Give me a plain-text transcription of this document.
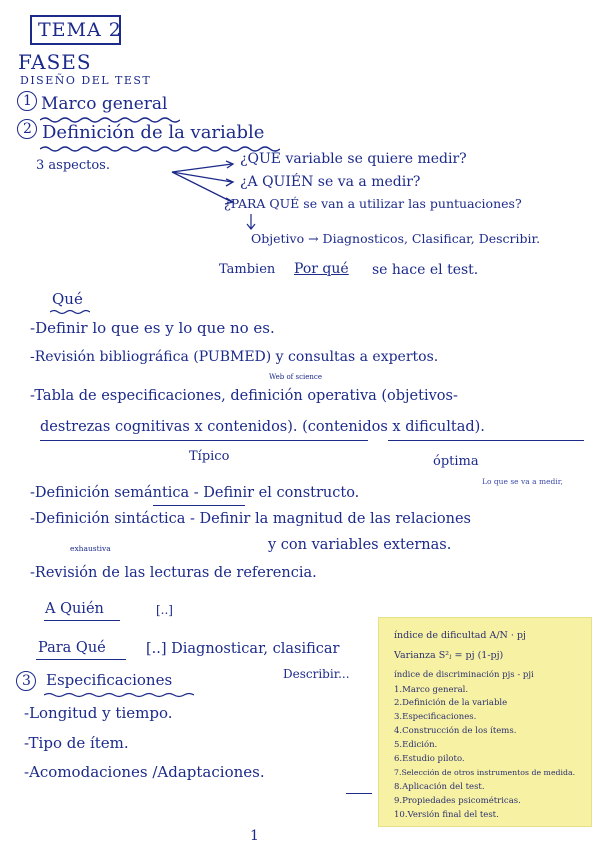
TEMA 2
FASES
DISEÑO DEL TEST
1 Marco general
2 Definición de la variable
3 aspectos.	¿QUÉ variable se quiere medir?
¿A QUIÉN se va a medir?
¿PARA QUÉ se van a utilizar las puntuaciones?
Objetivo → Diagnosticos, Clasificar, Describir.
Tambien Por qué se hace el test.
Qué
-Definir lo que es y lo que no es.
-Revisión bibliográfica (PUBMED) y consultas a expertos.
Web of science
-Tabla de especificaciones, definición operativa (objetivos-
destrezas cognitivas x contenidos). (contenidos x dificultad).
Típico	óptima
Lo que se va a medir,
-Definición semántica - Definir el constructo.
-Definición sintáctica - Definir la magnitud de las relaciones
y con variables externas.
exhaustiva
-Revisión de las lecturas de referencia.
A Quién	[..]
Para Qué	[..] Diagnosticar, clasificar
Describir...
3 Especificaciones
-Longitud y tiempo.
-Tipo de ítem.
-Acomodaciones /Adaptaciones.
1
índice de dificultad A/N · pj
Varianza S²ⱼ = pj (1-pj)
índice de discriminación pjs - pji
1.Marco general.
2.Definición de la variable
3.Especificaciones.
4.Construcción de los ítems.
5.Edición.
6.Estudio piloto.
7.Selección de otros instrumentos de medida.
8.Aplicación del test.
9.Propiedades psicométricas.
10.Versión final del test.
